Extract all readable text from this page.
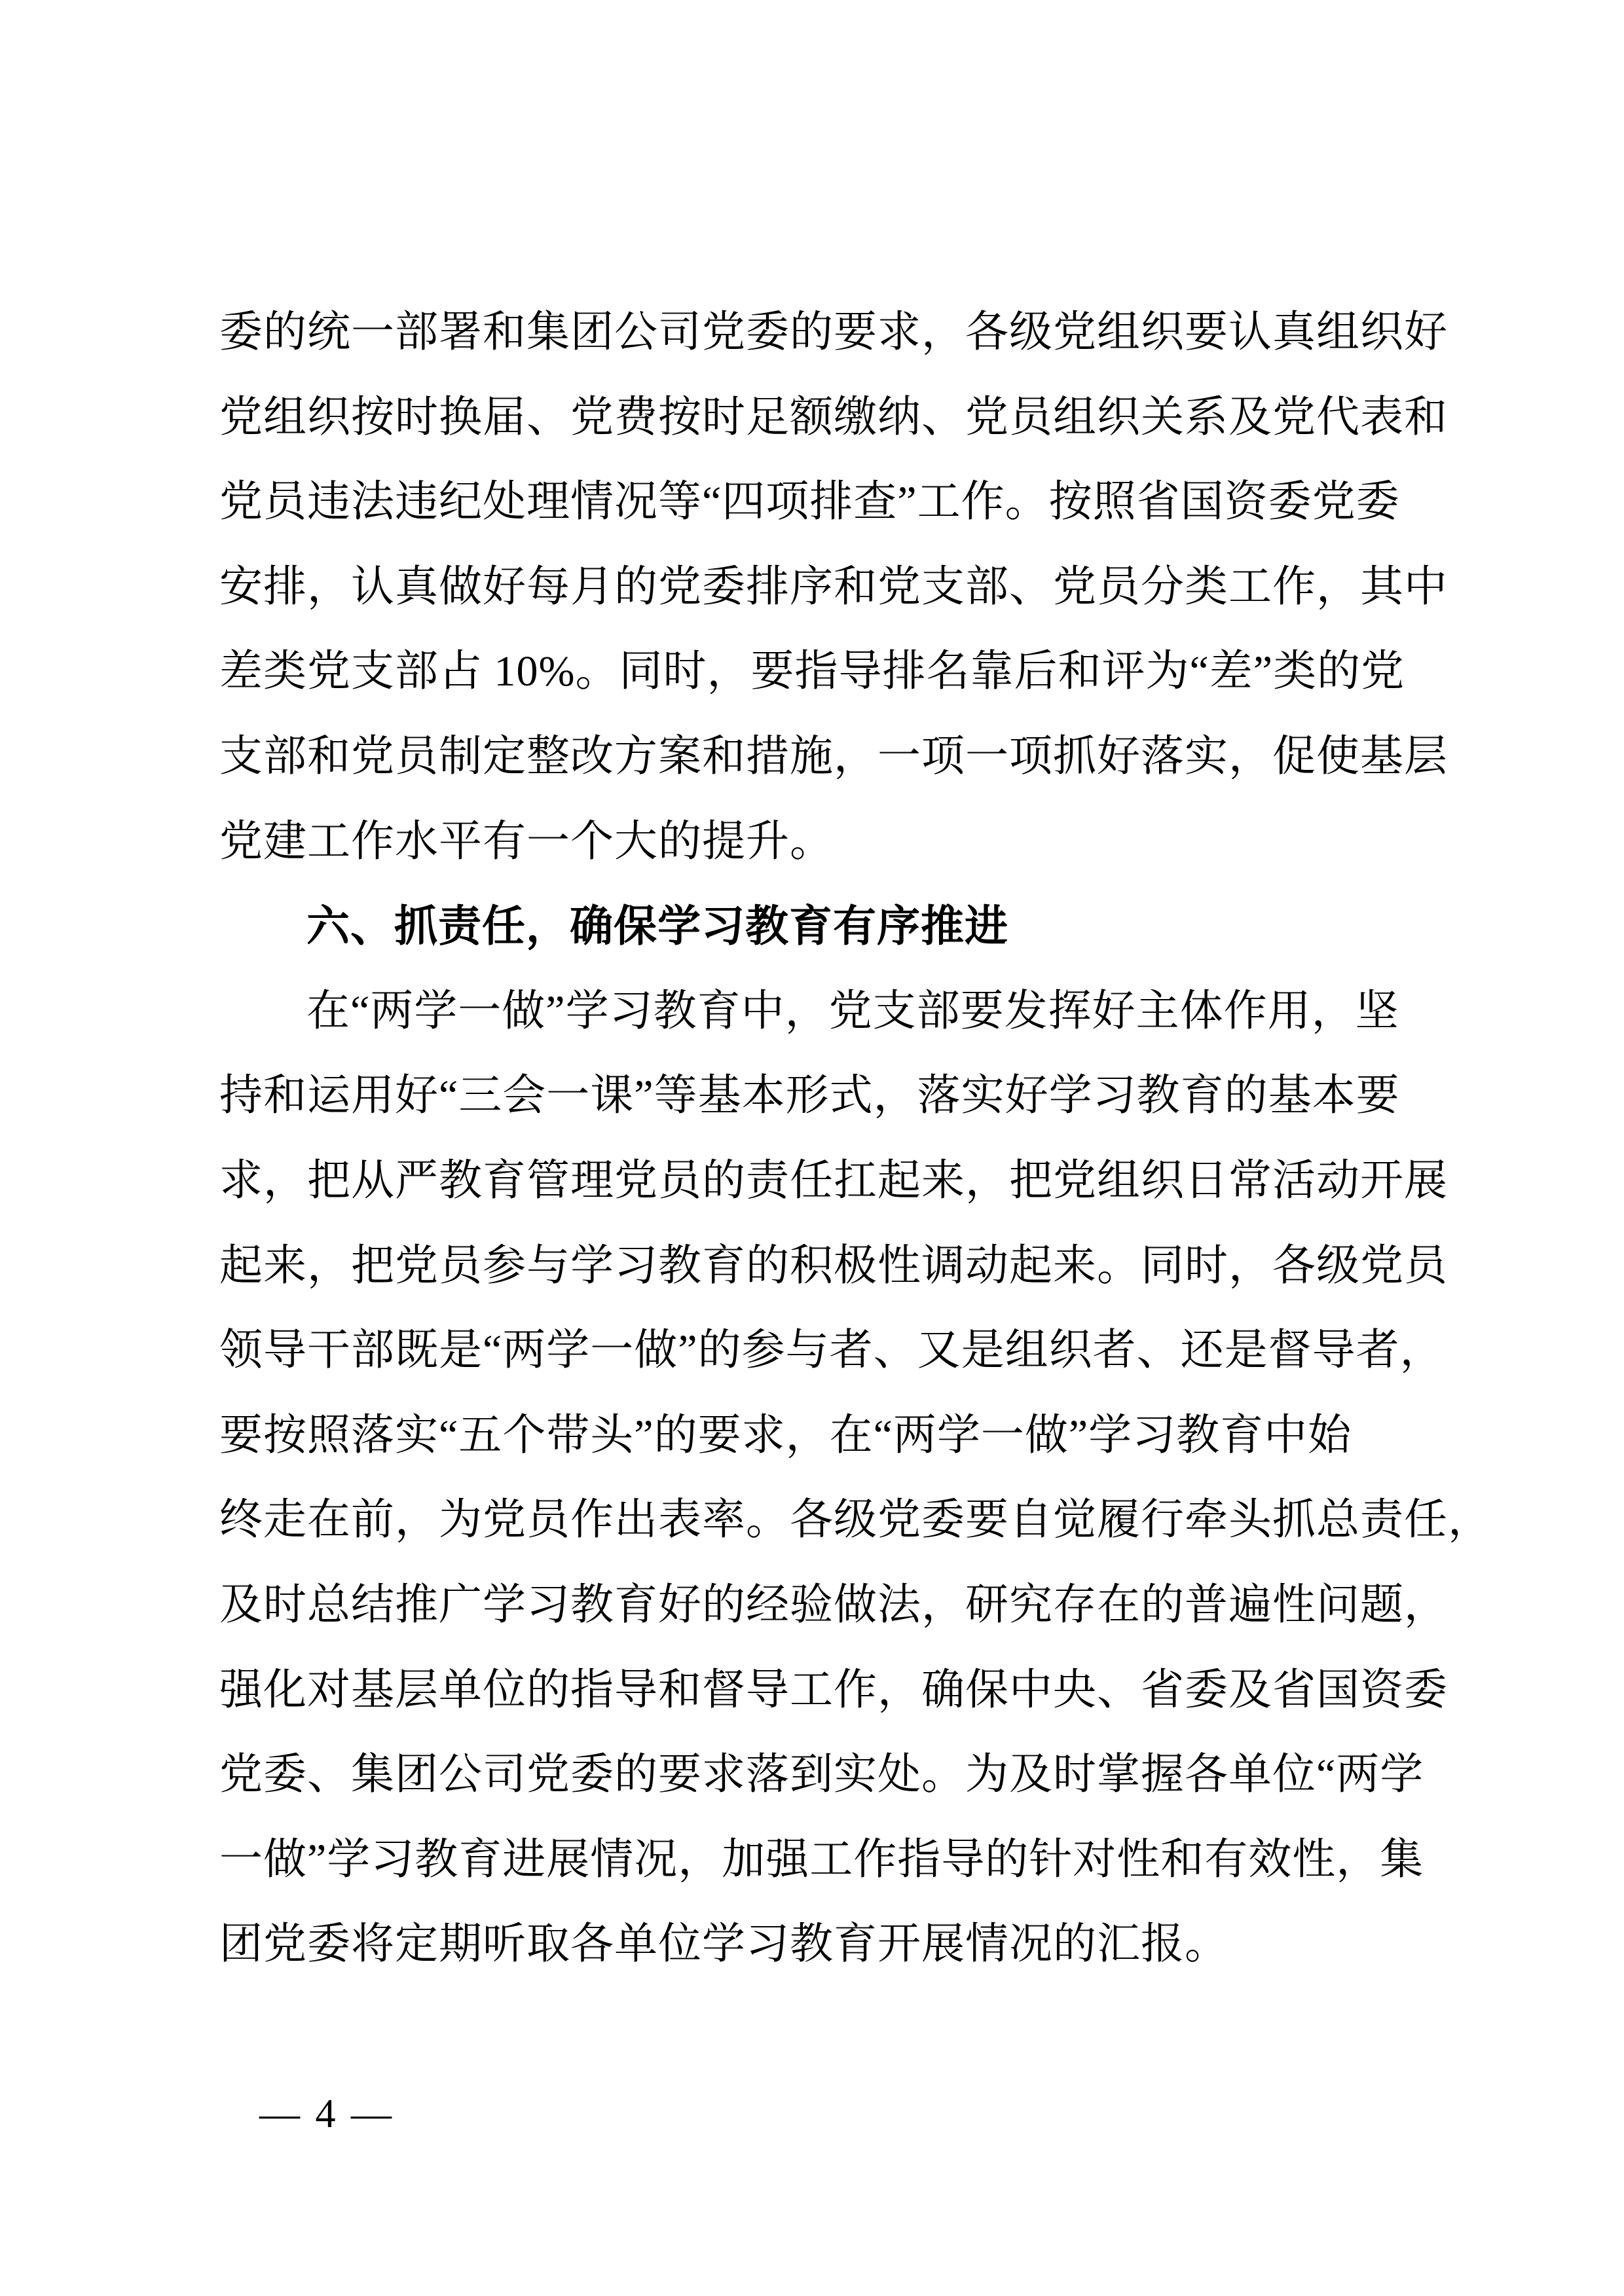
委的统一部署和集团公司党委的要求，各级党组织要认真组织好
党组织按时换届、党费按时足额缴纳、党员组织关系及党代表和
党员违法违纪处理情况等“四项排查”工作。按照省国资委党委
安排，认真做好每月的党委排序和党支部、党员分类工作，其中
差类党支部占 10%。同时，要指导排名靠后和评为“差”类的党
支部和党员制定整改方案和措施，一项一项抓好落实，促使基层
党建工作水平有一个大的提升。
六、抓责任，确保学习教育有序推进
在“两学一做”学习教育中，党支部要发挥好主体作用，坚
持和运用好“三会一课”等基本形式，落实好学习教育的基本要
求，把从严教育管理党员的责任扛起来，把党组织日常活动开展
起来，把党员参与学习教育的积极性调动起来。同时，各级党员
领导干部既是“两学一做”的参与者、又是组织者、还是督导者，
要按照落实“五个带头”的要求，在“两学一做”学习教育中始
终走在前，为党员作出表率。各级党委要自觉履行牵头抓总责任，
及时总结推广学习教育好的经验做法，研究存在的普遍性问题，
强化对基层单位的指导和督导工作，确保中央、省委及省国资委
党委、集团公司党委的要求落到实处。为及时掌握各单位“两学
一做”学习教育进展情况，加强工作指导的针对性和有效性，集
团党委将定期听取各单位学习教育开展情况的汇报。

— 4 —
